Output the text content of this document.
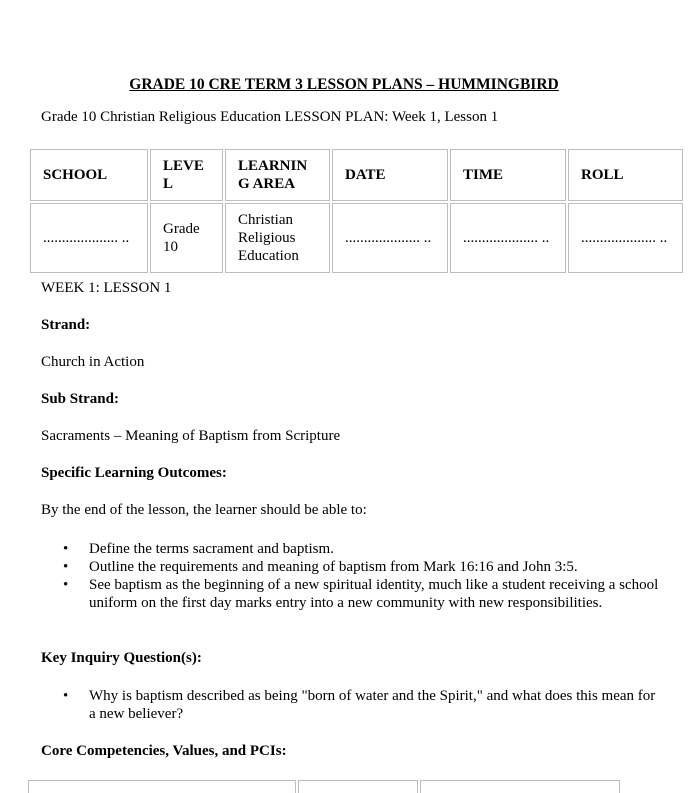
GRADE 10 CRE TERM 3 LESSON PLANS – HUMMINGBIRD
Grade 10 Christian Religious Education LESSON PLAN: Week 1, Lesson 1
SCHOOL	LEVE L	LEARNIN G AREA	DATE	TIME	ROLL
.................... ..	Grade 10	Christian Religious Education	.................... ..	.................... ..	.................... ..
WEEK 1: LESSON 1
Strand:
Church in Action
Sub Strand:
Sacraments – Meaning of Baptism from Scripture
Specific Learning Outcomes:
By the end of the lesson, the learner should be able to:
• Define the terms sacrament and baptism.
• Outline the requirements and meaning of baptism from Mark 16:16 and John 3:5.
• See baptism as the beginning of a new spiritual identity, much like a student receiving a school uniform on the first day marks entry into a new community with new responsibilities.
Key Inquiry Question(s):
• Why is baptism described as being "born of water and the Spirit," and what does this mean for a new believer?
Core Competencies, Values, and PCIs:
